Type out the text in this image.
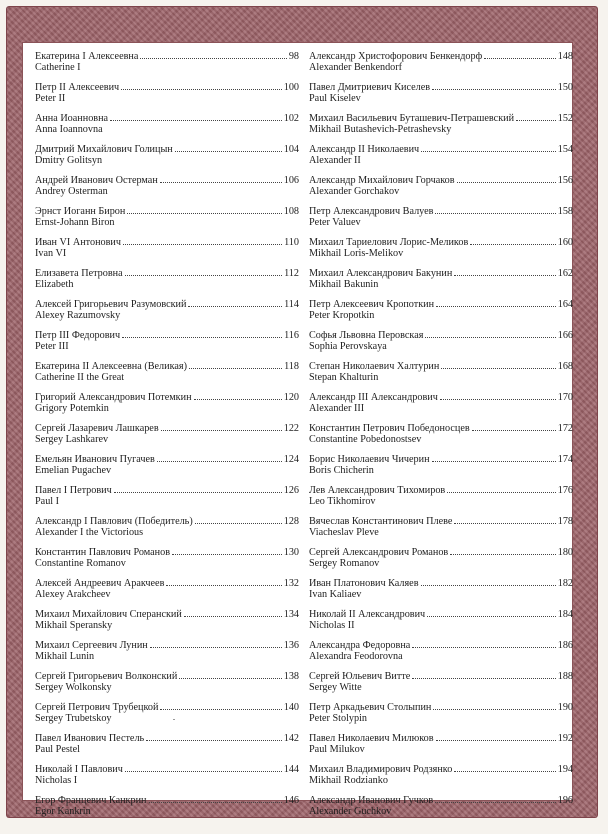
Екатерина I Алексеевна	98
Catherine I
Петр II Алексеевич	100
Peter II
Анна Иоанновна	102
Anna Ioannovna
Дмитрий Михайлович Голицын	104
Dmitry Golitsyn
Андрей Иванович Остерман	106
Andrey Osterman
Эрнст Иоганн Бирон	108
Ernst-Johann Biron
Иван VI Антонович	110
Ivan VI
Елизавета Петровна	112
Elizabeth
Алексей Григорьевич Разумовский	114
Alexey Razumovsky
Петр III Федорович	116
Peter III
Екатерина II Алексеевна (Великая)	118
Catherine II the Great
Григорий Александрович Потемкин	120
Grigory Potemkin
Сергей Лазаревич Лашкарев	122
Sergey Lashkarev
Емельян Иванович Пугачев	124
Emelian Pugachev
Павел I Петрович	126
Paul I
Александр I Павлович (Победитель)	128
Alexander I the Victorious
Константин Павлович Романов	130
Constantine Romanov
Алексей Андреевич Аракчеев	132
Alexey Arakcheev
Михаил Михайлович Сперанский	134
Mikhail Speransky
Михаил Сергеевич Лунин	136
Mikhail Lunin
Сергей Григорьевич Волконский	138
Sergey Wolkonsky
Сергей Петрович Трубецкой	140
Sergey Trubetskoy
Павел Иванович Пестель	142
Paul Pestel
Николай I Павлович	144
Nicholas I
Егор Францевич Канкрин	146
Egor Kankrin
Александр Христофорович Бенкендорф	148
Alexander Benkendorf
Павел Дмитриевич Киселев	150
Paul Kiselev
Михаил Васильевич Буташевич-Петрашевский	152
Mikhail Butashevich-Petrashevsky
Александр II Николаевич	154
Alexander II
Александр Михайлович Горчаков	156
Alexander Gorchakov
Петр Александрович Валуев	158
Peter Valuev
Михаил Тариелович Лорис-Меликов	160
Mikhail Loris-Melikov
Михаил Александрович Бакунин	162
Mikhail Bakunin
Петр Алексеевич Кропоткин	164
Peter Kropotkin
Софья Львовна Перовская	166
Sophia Perovskaya
Степан Николаевич Халтурин	168
Stepan Khalturin
Александр III Александрович	170
Alexander III
Константин Петрович Победоносцев	172
Constantine Pobedonostsev
Борис Николаевич Чичерин	174
Boris Chicherin
Лев Александрович Тихомиров	176
Leo Tikhomirov
Вячеслав Константинович Плеве	178
Viacheslav Pleve
Сергей Александрович Романов	180
Sergey Romanov
Иван Платонович Каляев	182
Ivan Kaliaev
Николай II Александрович	184
Nicholas II
Александра Федоровна	186
Alexandra Feodorovna
Сергей Юльевич Витте	188
Sergey Witte
Петр Аркадьевич Столыпин	190
Peter Stolypin
Павел Николаевич Милюков	192
Paul Milukov
Михаил Владимирович Родзянко	194
Mikhail Rodzianko
Александр Иванович Гучков	196
Alexander Guchkov
